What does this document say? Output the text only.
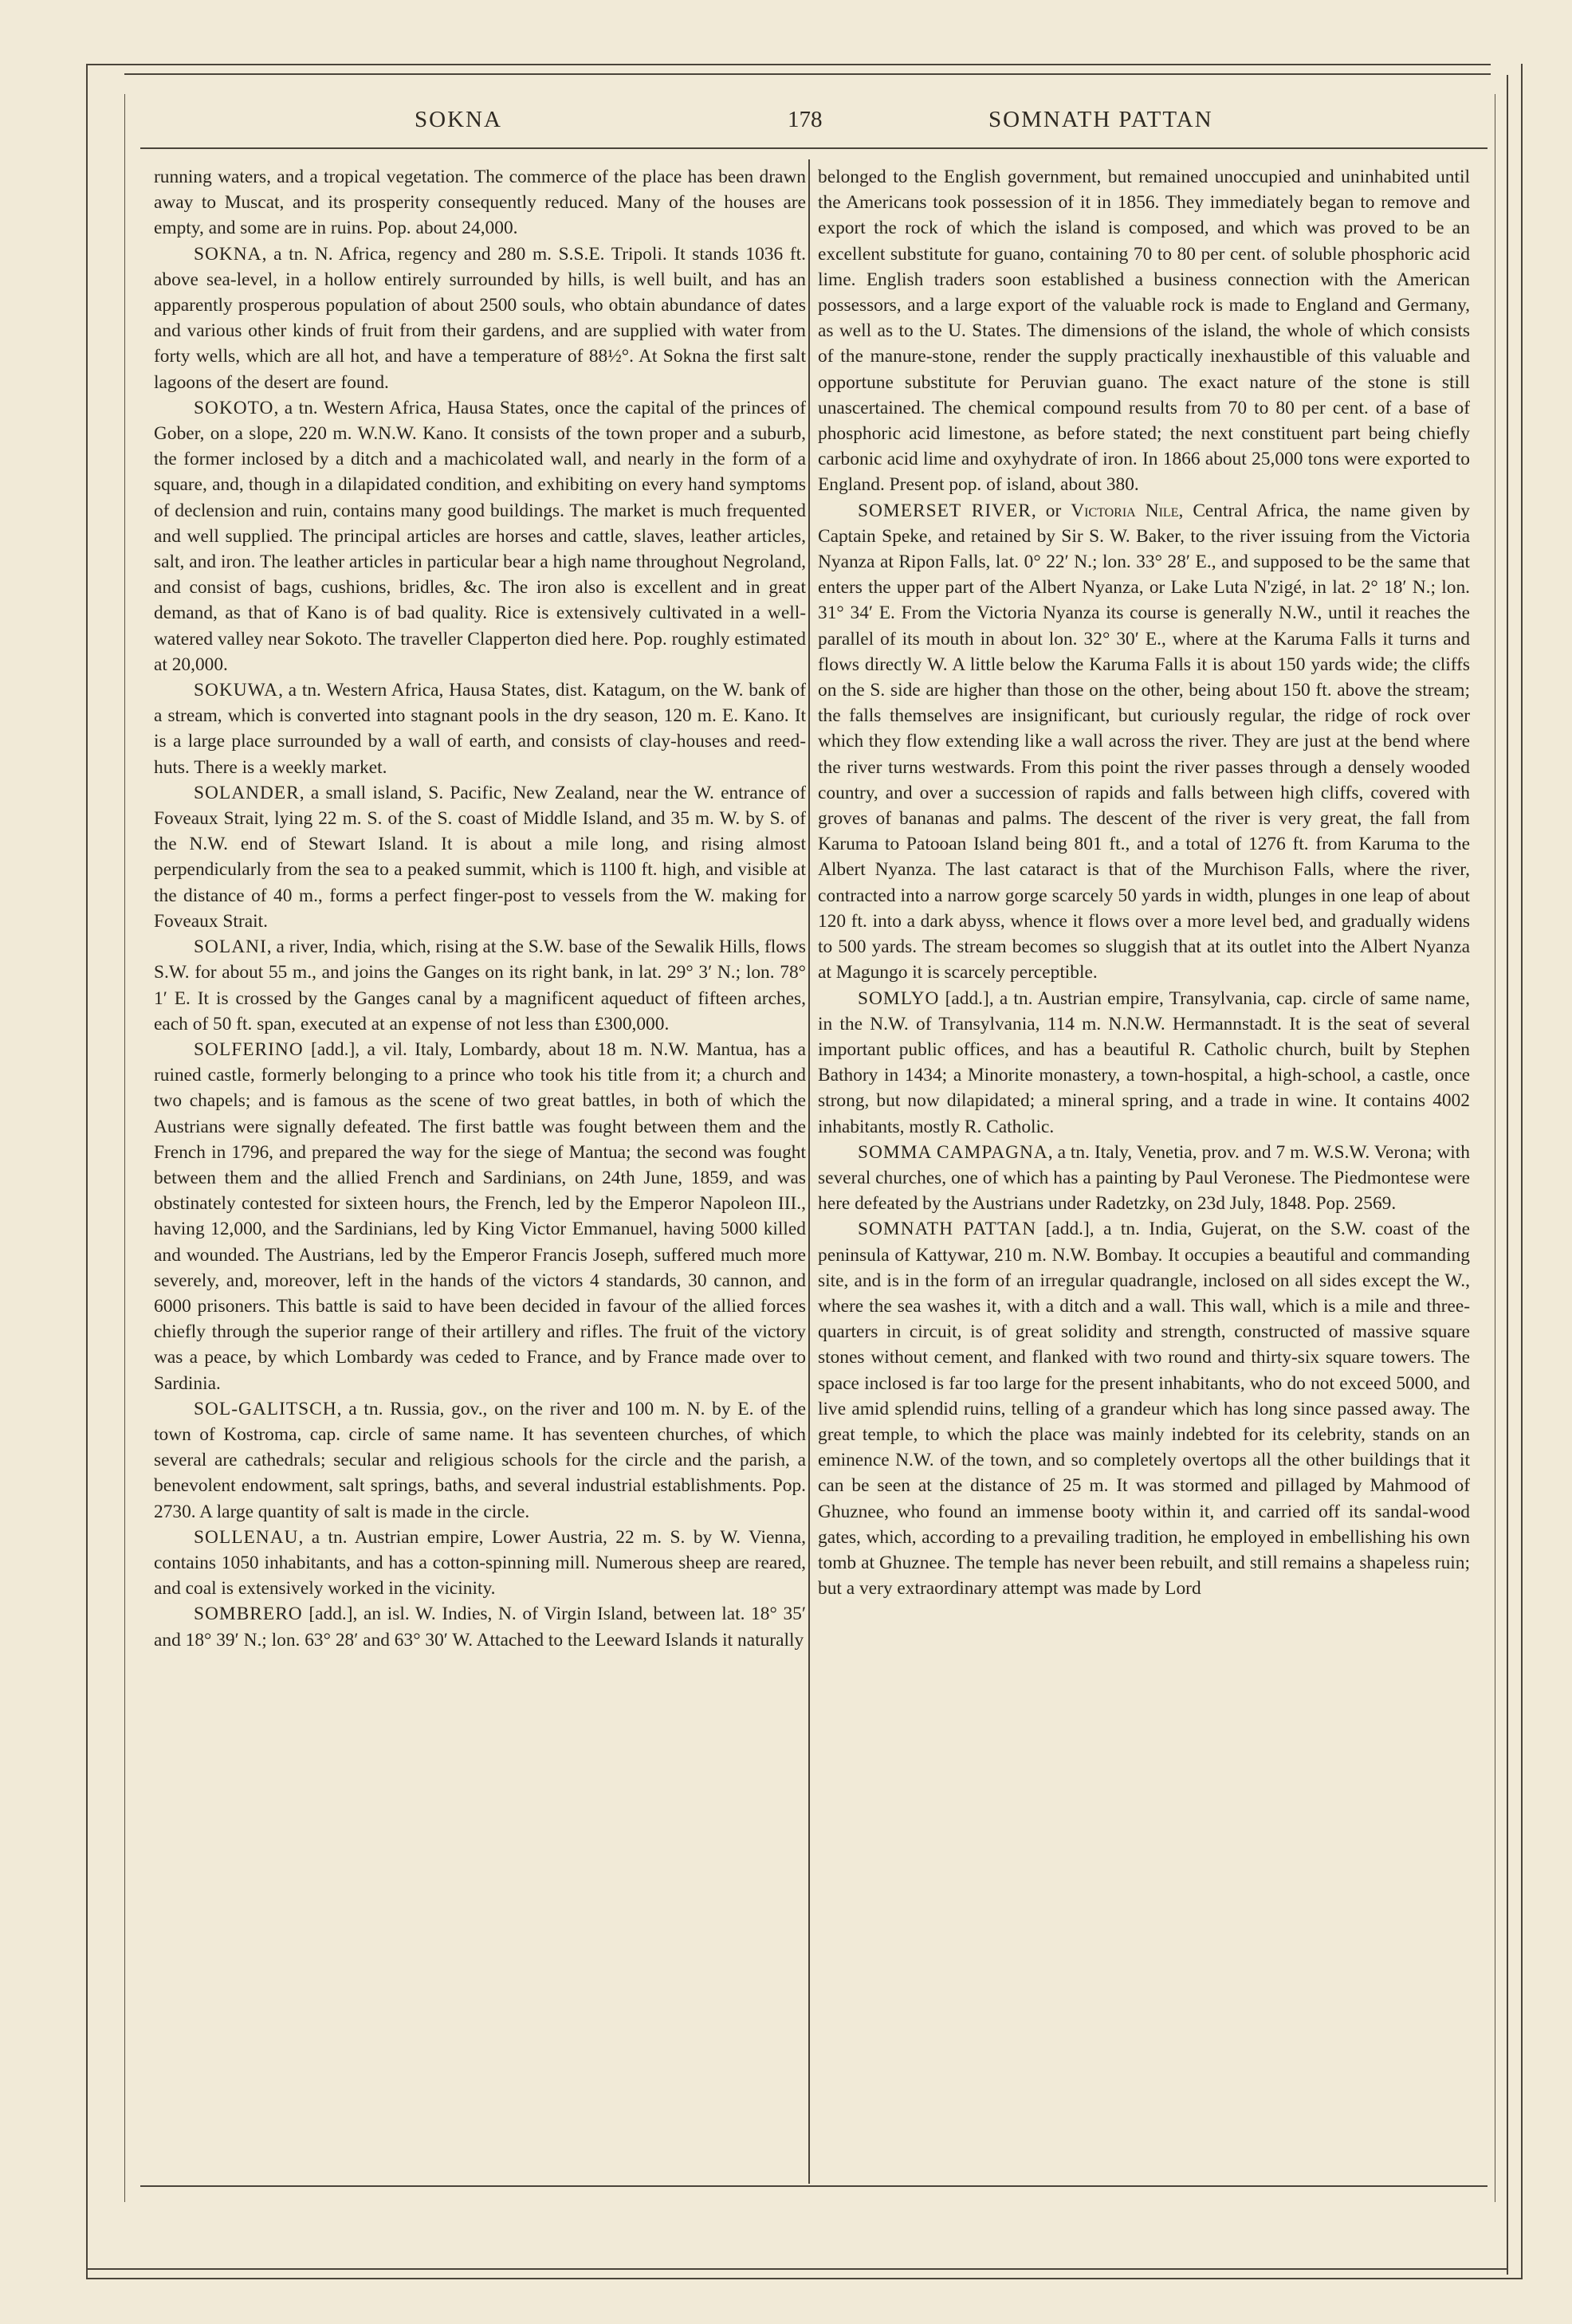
SOKNA	178	SOMNATH PATTAN

running waters, and a tropical vegetation. The commerce of the place has been drawn away to Muscat, and its prosperity consequently reduced. Many of the houses are empty, and some are in ruins. Pop. about 24,000.

SOKNA, a tn. N. Africa, regency and 280 m. S.S.E. Tripoli. It stands 1036 ft. above sea-level, in a hollow entirely surrounded by hills, is well built, and has an apparently prosperous population of about 2500 souls, who obtain abundance of dates and various other kinds of fruit from their gardens, and are supplied with water from forty wells, which are all hot, and have a temperature of 88½°. At Sokna the first salt lagoons of the desert are found.

SOKOTO, a tn. Western Africa, Hausa States, once the capital of the princes of Gober, on a slope, 220 m. W.N.W. Kano. It consists of the town proper and a suburb, the former inclosed by a ditch and a machicolated wall, and nearly in the form of a square, and, though in a dilapidated condition, and exhibiting on every hand symptoms of declension and ruin, contains many good buildings. The market is much frequented and well supplied. The principal articles are horses and cattle, slaves, leather articles, salt, and iron. The leather articles in particular bear a high name throughout Negroland, and consist of bags, cushions, bridles, &c. The iron also is excellent and in great demand, as that of Kano is of bad quality. Rice is extensively cultivated in a well-watered valley near Sokoto. The traveller Clapperton died here. Pop. roughly estimated at 20,000.

SOKUWA, a tn. Western Africa, Hausa States, dist. Katagum, on the W. bank of a stream, which is converted into stagnant pools in the dry season, 120 m. E. Kano. It is a large place surrounded by a wall of earth, and consists of clay-houses and reed-huts. There is a weekly market.

SOLANDER, a small island, S. Pacific, New Zealand, near the W. entrance of Foveaux Strait, lying 22 m. S. of the S. coast of Middle Island, and 35 m. W. by S. of the N.W. end of Stewart Island. It is about a mile long, and rising almost perpendicularly from the sea to a peaked summit, which is 1100 ft. high, and visible at the distance of 40 m., forms a perfect finger-post to vessels from the W. making for Foveaux Strait.

SOLANI, a river, India, which, rising at the S.W. base of the Sewalik Hills, flows S.W. for about 55 m., and joins the Ganges on its right bank, in lat. 29° 3′ N.; lon. 78° 1′ E. It is crossed by the Ganges canal by a magnificent aqueduct of fifteen arches, each of 50 ft. span, executed at an expense of not less than £300,000.

SOLFERINO [add.], a vil. Italy, Lombardy, about 18 m. N.W. Mantua, has a ruined castle, formerly belonging to a prince who took his title from it; a church and two chapels; and is famous as the scene of two great battles, in both of which the Austrians were signally defeated. The first battle was fought between them and the French in 1796, and prepared the way for the siege of Mantua; the second was fought between them and the allied French and Sardinians, on 24th June, 1859, and was obstinately contested for sixteen hours, the French, led by the Emperor Napoleon III., having 12,000, and the Sardinians, led by King Victor Emmanuel, having 5000 killed and wounded. The Austrians, led by the Emperor Francis Joseph, suffered much more severely, and, moreover, left in the hands of the victors 4 standards, 30 cannon, and 6000 prisoners. This battle is said to have been decided in favour of the allied forces chiefly through the superior range of their artillery and rifles. The fruit of the victory was a peace, by which Lombardy was ceded to France, and by France made over to Sardinia.

SOL-GALITSCH, a tn. Russia, gov., on the river and 100 m. N. by E. of the town of Kostroma, cap. circle of same name. It has seventeen churches, of which several are cathedrals; secular and religious schools for the circle and the parish, a benevolent endowment, salt springs, baths, and several industrial establishments. Pop. 2730. A large quantity of salt is made in the circle.

SOLLENAU, a tn. Austrian empire, Lower Austria, 22 m. S. by W. Vienna, contains 1050 inhabitants, and has a cotton-spinning mill. Numerous sheep are reared, and coal is extensively worked in the vicinity.

SOMBRERO [add.], an isl. W. Indies, N. of Virgin Island, between lat. 18° 35′ and 18° 39′ N.; lon. 63° 28′ and 63° 30′ W. Attached to the Leeward Islands it naturally

belonged to the English government, but remained unoccupied and uninhabited until the Americans took possession of it in 1856. They immediately began to remove and export the rock of which the island is composed, and which was proved to be an excellent substitute for guano, containing 70 to 80 per cent. of soluble phosphoric acid lime. English traders soon established a business connection with the American possessors, and a large export of the valuable rock is made to England and Germany, as well as to the U. States. The dimensions of the island, the whole of which consists of the manure-stone, render the supply practically inexhaustible of this valuable and opportune substitute for Peruvian guano. The exact nature of the stone is still unascertained. The chemical compound results from 70 to 80 per cent. of a base of phosphoric acid limestone, as before stated; the next constituent part being chiefly carbonic acid lime and oxyhydrate of iron. In 1866 about 25,000 tons were exported to England. Present pop. of island, about 380.

SOMERSET RIVER, or Victoria Nile, Central Africa, the name given by Captain Speke, and retained by Sir S. W. Baker, to the river issuing from the Victoria Nyanza at Ripon Falls, lat. 0° 22′ N.; lon. 33° 28′ E., and supposed to be the same that enters the upper part of the Albert Nyanza, or Lake Luta N'zigé, in lat. 2° 18′ N.; lon. 31° 34′ E. From the Victoria Nyanza its course is generally N.W., until it reaches the parallel of its mouth in about lon. 32° 30′ E., where at the Karuma Falls it turns and flows directly W. A little below the Karuma Falls it is about 150 yards wide; the cliffs on the S. side are higher than those on the other, being about 150 ft. above the stream; the falls themselves are insignificant, but curiously regular, the ridge of rock over which they flow extending like a wall across the river. They are just at the bend where the river turns westwards. From this point the river passes through a densely wooded country, and over a succession of rapids and falls between high cliffs, covered with groves of bananas and palms. The descent of the river is very great, the fall from Karuma to Patooan Island being 801 ft., and a total of 1276 ft. from Karuma to the Albert Nyanza. The last cataract is that of the Murchison Falls, where the river, contracted into a narrow gorge scarcely 50 yards in width, plunges in one leap of about 120 ft. into a dark abyss, whence it flows over a more level bed, and gradually widens to 500 yards. The stream becomes so sluggish that at its outlet into the Albert Nyanza at Magungo it is scarcely perceptible.

SOMLYO [add.], a tn. Austrian empire, Transylvania, cap. circle of same name, in the N.W. of Transylvania, 114 m. N.N.W. Hermannstadt. It is the seat of several important public offices, and has a beautiful R. Catholic church, built by Stephen Bathory in 1434; a Minorite monastery, a town-hospital, a high-school, a castle, once strong, but now dilapidated; a mineral spring, and a trade in wine. It contains 4002 inhabitants, mostly R. Catholic.

SOMMA CAMPAGNA, a tn. Italy, Venetia, prov. and 7 m. W.S.W. Verona; with several churches, one of which has a painting by Paul Veronese. The Piedmontese were here defeated by the Austrians under Radetzky, on 23d July, 1848. Pop. 2569.

SOMNATH PATTAN [add.], a tn. India, Gujerat, on the S.W. coast of the peninsula of Kattywar, 210 m. N.W. Bombay. It occupies a beautiful and commanding site, and is in the form of an irregular quadrangle, inclosed on all sides except the W., where the sea washes it, with a ditch and a wall. This wall, which is a mile and three-quarters in circuit, is of great solidity and strength, constructed of massive square stones without cement, and flanked with two round and thirty-six square towers. The space inclosed is far too large for the present inhabitants, who do not exceed 5000, and live amid splendid ruins, telling of a grandeur which has long since passed away. The great temple, to which the place was mainly indebted for its celebrity, stands on an eminence N.W. of the town, and so completely overtops all the other buildings that it can be seen at the distance of 25 m. It was stormed and pillaged by Mahmood of Ghuznee, who found an immense booty within it, and carried off its sandal-wood gates, which, according to a prevailing tradition, he employed in embellishing his own tomb at Ghuznee. The temple has never been rebuilt, and still remains a shapeless ruin; but a very extraordinary attempt was made by Lord
